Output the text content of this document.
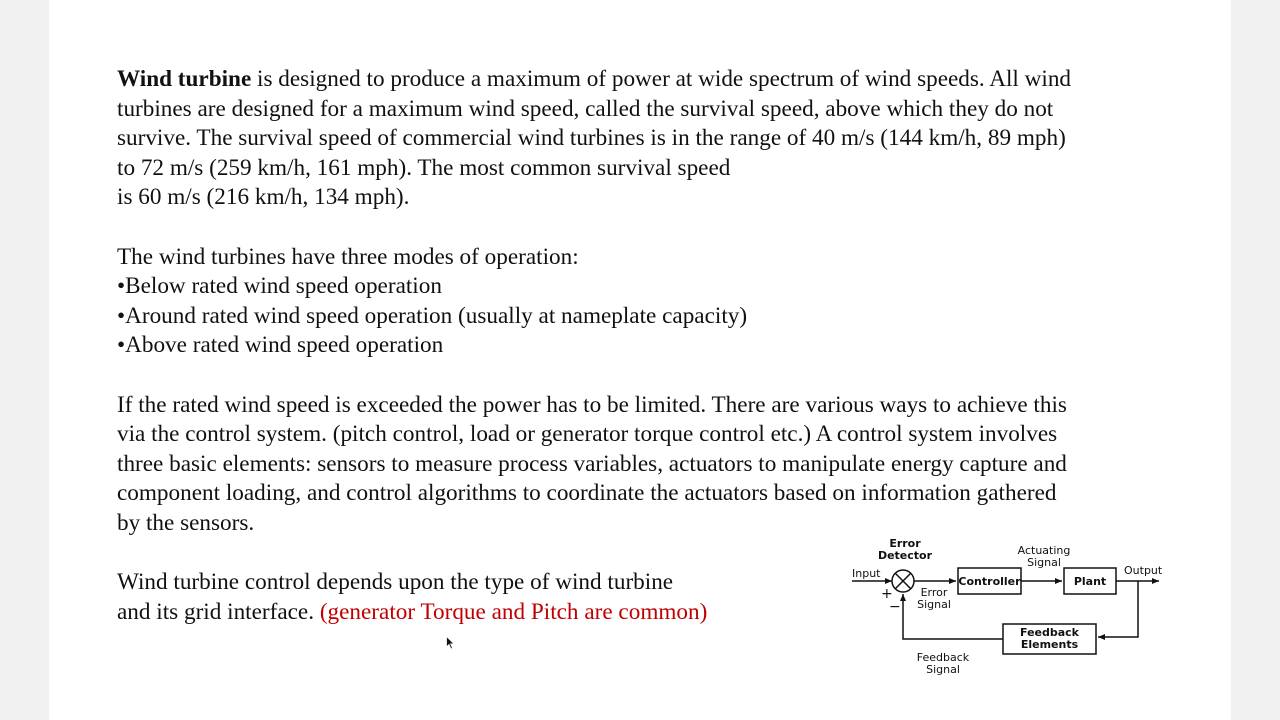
Wind turbine is designed to produce a maximum of power at wide spectrum of wind speeds. All wind
turbines are designed for a maximum wind speed, called the survival speed, above which they do not
survive. The survival speed of commercial wind turbines is in the range of 40 m/s (144 km/h, 89 mph)
to 72 m/s (259 km/h, 161 mph). The most common survival speed
is 60 m/s (216 km/h, 134 mph).

The wind turbines have three modes of operation:
• Below rated wind speed operation
• Around rated wind speed operation (usually at nameplate capacity)
• Above rated wind speed operation

If the rated wind speed is exceeded the power has to be limited. There are various ways to achieve this
via the control system. (pitch control, load or generator torque control etc.) A control system involves
three basic elements: sensors to measure process variables, actuators to manipulate energy capture and
component loading, and control algorithms to coordinate the actuators based on information gathered
by the sensors.

Wind turbine control depends upon the type of wind turbine
and its grid interface. (generator Torque and Pitch are common)

Error
Detector
Input
+
−
Error
Signal
Controller
Actuating
Signal
Plant
Output
Feedback
Elements
Feedback
Signal
